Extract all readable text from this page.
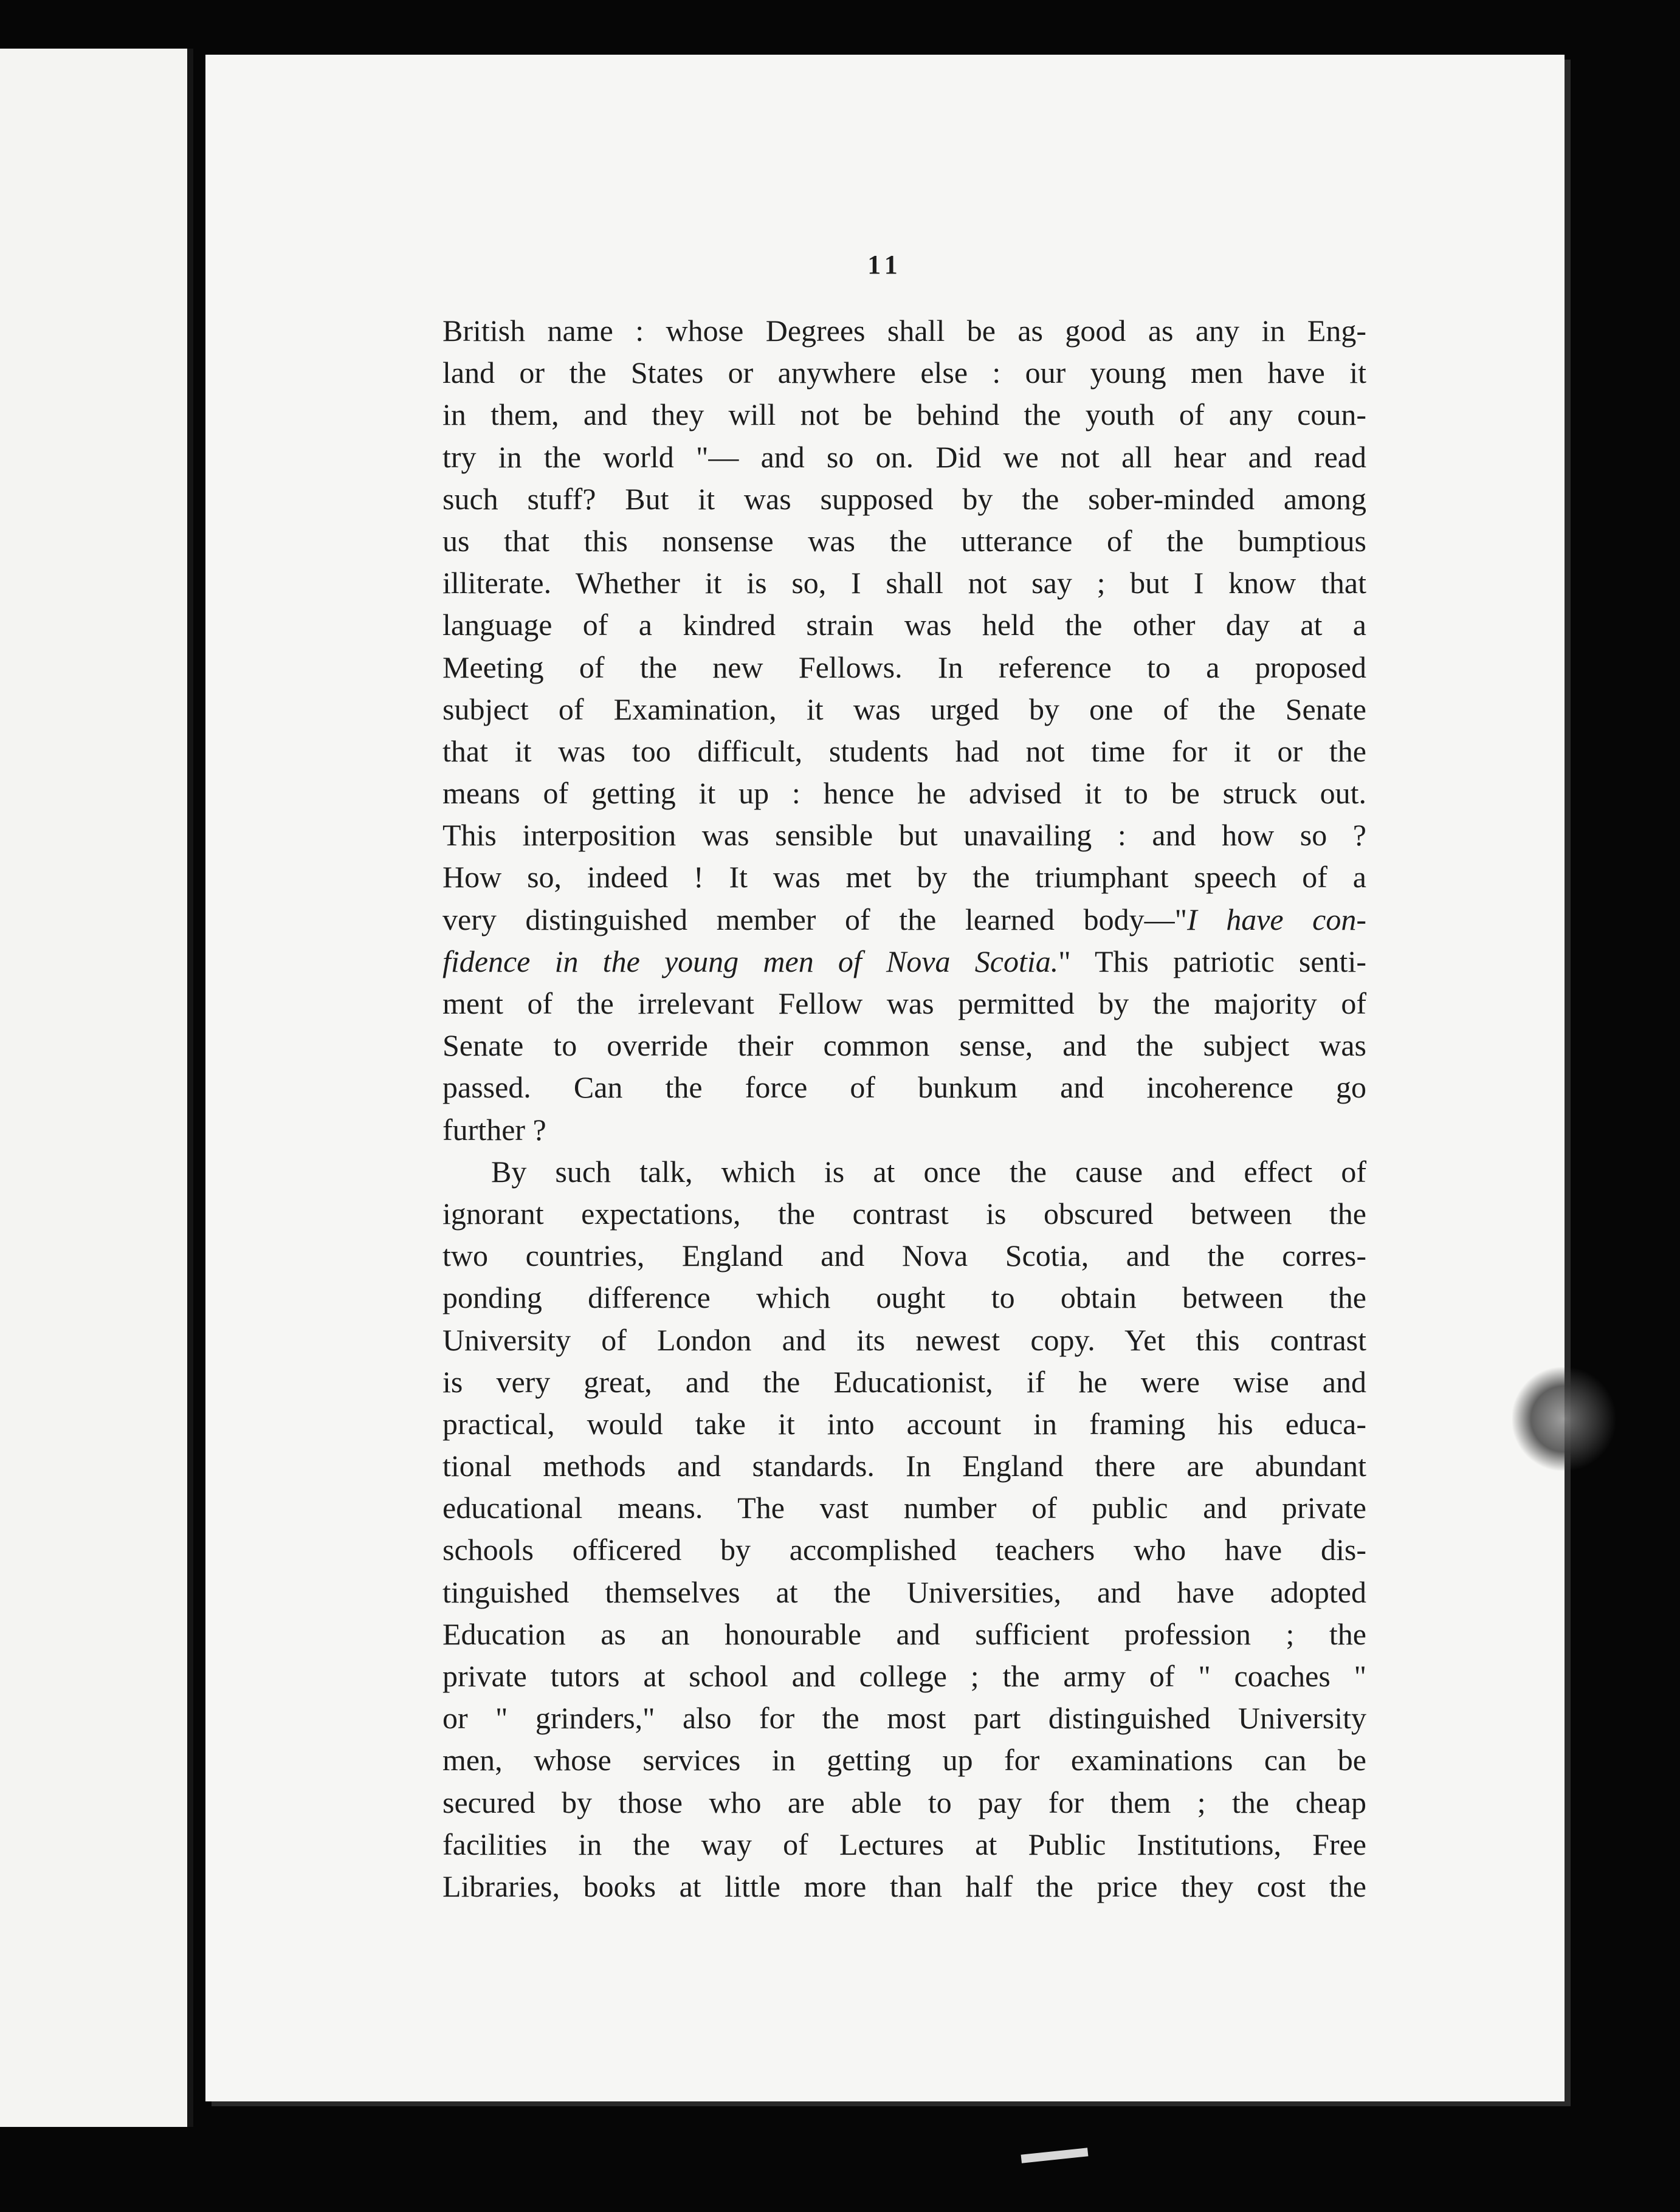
11
British name : whose Degrees shall be as good as any in Eng-
land or the States or anywhere else : our young men have it
in them, and they will not be behind the youth of any coun-
try in the world "— and so on. Did we not all hear and read
such stuff? But it was supposed by the sober-minded among
us that this nonsense was the utterance of the bumptious
illiterate. Whether it is so, I shall not say ; but I know that
language of a kindred strain was held the other day at a
Meeting of the new Fellows. In reference to a proposed
subject of Examination, it was urged by one of the Senate
that it was too difficult, students had not time for it or the
means of getting it up : hence he advised it to be struck out.
This interposition was sensible but unavailing : and how so ?
How so, indeed ! It was met by the triumphant speech of a
very distinguished member of the learned body—"I have con-
fidence in the young men of Nova Scotia." This patriotic senti-
ment of the irrelevant Fellow was permitted by the majority of
Senate to override their common sense, and the subject was
passed. Can the force of bunkum and incoherence go
further ?
By such talk, which is at once the cause and effect of
ignorant expectations, the contrast is obscured between the
two countries, England and Nova Scotia, and the corres-
ponding difference which ought to obtain between the
University of London and its newest copy. Yet this contrast
is very great, and the Educationist, if he were wise and
practical, would take it into account in framing his educa-
tional methods and standards. In England there are abundant
educational means. The vast number of public and private
schools officered by accomplished teachers who have dis-
tinguished themselves at the Universities, and have adopted
Education as an honourable and sufficient profession ; the
private tutors at school and college ; the army of " coaches "
or " grinders," also for the most part distinguished University
men, whose services in getting up for examinations can be
secured by those who are able to pay for them ; the cheap
facilities in the way of Lectures at Public Institutions, Free
Libraries, books at little more than half the price they cost the
